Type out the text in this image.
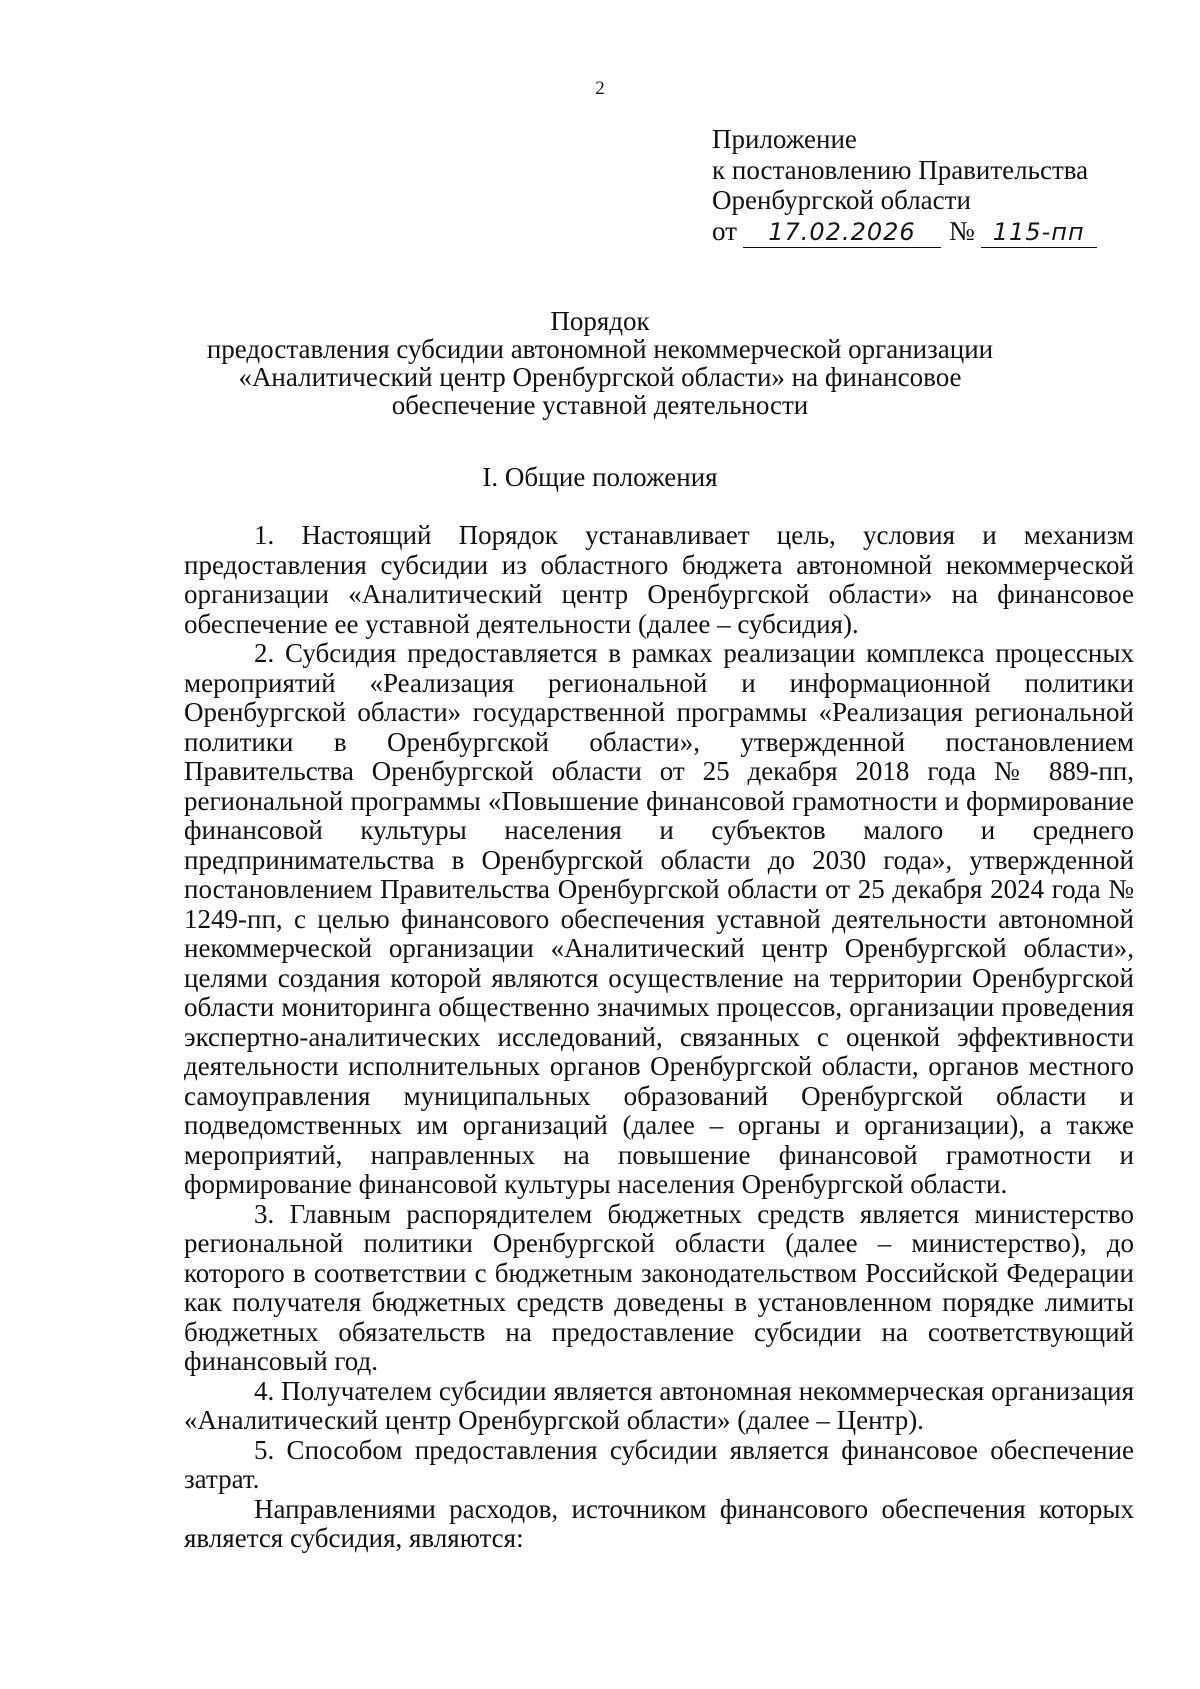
2
Приложение
к постановлению Правительства
Оренбургской области
от 17.02.2026 № 115-пп
Порядок
предоставления субсидии автономной некоммерческой организации
«Аналитический центр Оренбургской области» на финансовое
обеспечение уставной деятельности
I. Общие положения

1. Настоящий Порядок устанавливает цель, условия и механизм предоставления субсидии из областного бюджета автономной некоммерческой организации «Аналитический центр Оренбургской области» на финансовое обеспечение ее уставной деятельности (далее – субсидия).

2. Субсидия предоставляется в рамках реализации комплекса процессных мероприятий «Реализация региональной и информационной политики Оренбургской области» государственной программы «Реализация региональной политики в Оренбургской области», утвержденной постановлением Правительства Оренбургской области от 25 декабря 2018 года № 889-пп, региональной программы «Повышение финансовой грамотности и формирование финансовой культуры населения и субъектов малого и среднего предпринимательства в Оренбургской области до 2030 года», утвержденной постановлением Правительства Оренбургской области от 25 декабря 2024 года № 1249-пп, с целью финансового обеспечения уставной деятельности автономной некоммерческой организации «Аналитический центр Оренбургской области», целями создания которой являются осуществление на территории Оренбургской области мониторинга общественно значимых процессов, организации проведения экспертно-аналитических исследований, связанных с оценкой эффективности деятельности исполнительных органов Оренбургской области, органов местного самоуправления муниципальных образований Оренбургской области и подведомственных им организаций (далее – органы и организации), а также мероприятий, направленных на повышение финансовой грамотности и формирование финансовой культуры населения Оренбургской области.

3. Главным распорядителем бюджетных средств является министерство региональной политики Оренбургской области (далее – министерство), до которого в соответствии с бюджетным законодательством Российской Федерации как получателя бюджетных средств доведены в установленном порядке лимиты бюджетных обязательств на предоставление субсидии на соответствующий финансовый год.

4. Получателем субсидии является автономная некоммерческая организация «Аналитический центр Оренбургской области» (далее – Центр).

5. Способом предоставления субсидии является финансовое обеспечение затрат.

Направлениями расходов, источником финансового обеспечения которых является субсидия, являются:
